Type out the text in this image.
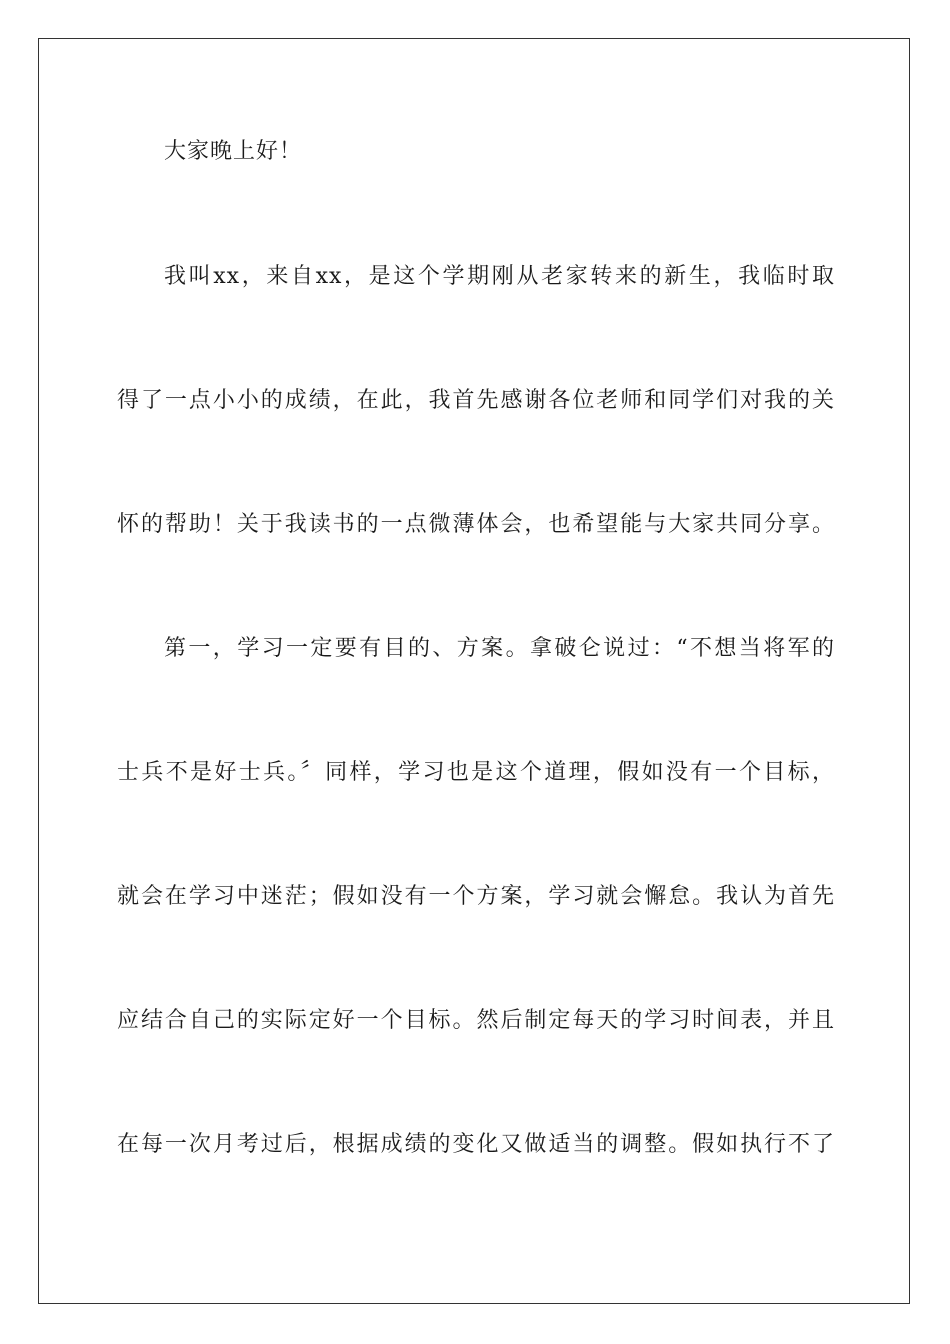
大家晚上好！
我叫xx，来自xx，是这个学期刚从老家转来的新生，我临时取
得了一点小小的成绩，在此，我首先感谢各位老师和同学们对我的关
怀的帮助！关于我读书的一点微薄体会，也希望能与大家共同分享。
第一，学习一定要有目的、方案。拿破仑说过：“不想当将军的
士兵不是好士兵。〞同样，学习也是这个道理，假如没有一个目标，
就会在学习中迷茫；假如没有一个方案，学习就会懈怠。我认为首先
应结合自己的实际定好一个目标。然后制定每天的学习时间表，并且
在每一次月考过后，根据成绩的变化又做适当的调整。假如执行不了
